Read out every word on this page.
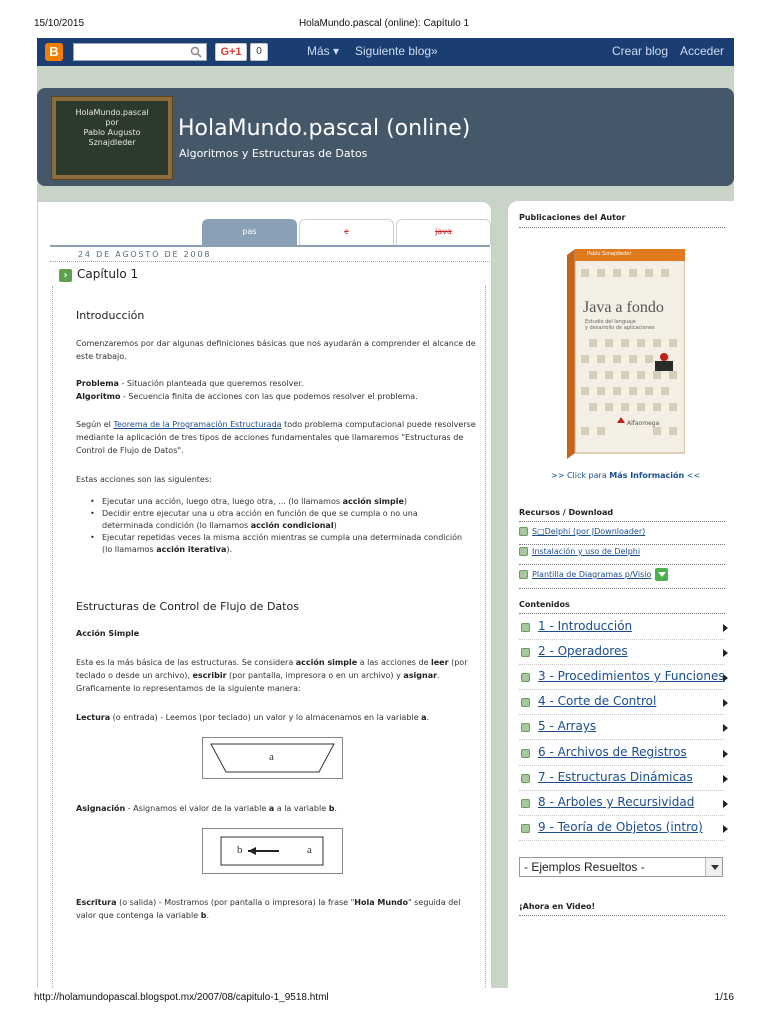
15/10/2015	HolaMundo.pascal (online): Capítulo 1
B	G+1	0	Más ▾ Siguiente blog»	Crear blog Acceder
HolaMundo.pascal
por
Pablo Augusto
Sznajdleder
HolaMundo.pascal (online)
Algoritmos y Estructuras de Datos
pas	c	java
24 DE AGOSTO DE 2008
› Capítulo 1
Introducción
Comenzaremos por dar algunas definiciones básicas que nos ayudarán a comprender el alcance de este trabajo.
Problema - Situación planteada que queremos resolver.
Algoritmo - Secuencia finita de acciones con las que podemos resolver el problema.
Según el Teorema de la Programación Estructurada todo problema computacional puede resolverse mediante la aplicación de tres tipos de acciones fundamentales que llamaremos "Estructuras de Control de Flujo de Datos".
Estas acciones son las siguientes:
• Ejecutar una acción, luego otra, luego otra, ... (lo llamamos acción simple)
• Decidir entre ejecutar una u otra acción en función de que se cumpla o no una determinada condición (lo llamamos acción condicional)
• Ejecutar repetidas veces la misma acción mientras se cumpla una determinada condición (lo llamamos acción iterativa).
Estructuras de Control de Flujo de Datos
Acción Simple
Esta es la más básica de las estructuras. Se considera acción simple a las acciones de leer (por teclado o desde un archivo), escribir (por pantalla, impresora o en un archivo) y asignar. Graficamente lo representamos de la siguiente manera:
Lectura (o entrada) - Leemos (por teclado) un valor y lo almacenamos en la variable a.
a
Asignación - Asignamos el valor de la variable a a la variable b.
b	a
Escritura (o salida) - Mostramos (por pantalla o impresora) la frase "Hola Mundo" seguida del valor que contenga la variable b.
Publicaciones del Autor
Pablo Sznajdleder
Java a fondo
Estudio del lenguaje
y desarrollo de aplicaciones
Alfaomega
>> Click para Más Información <<
Recursos / Download
S□Delphi (por JDownloader)
Instalación y uso de Delphi
Plantilla de Diagramas p/Visio
Contenidos
1 - Introducción
2 - Operadores
3 - Procedimientos y Funciones
4 - Corte de Control
5 - Arrays
6 - Archivos de Registros
7 - Estructuras Dinámicas
8 - Arboles y Recursividad
9 - Teoría de Objetos (intro)
- Ejemplos Resueltos -
¡Ahora en Video!
http://holamundopascal.blogspot.mx/2007/08/capitulo-1_9518.html	1/16
